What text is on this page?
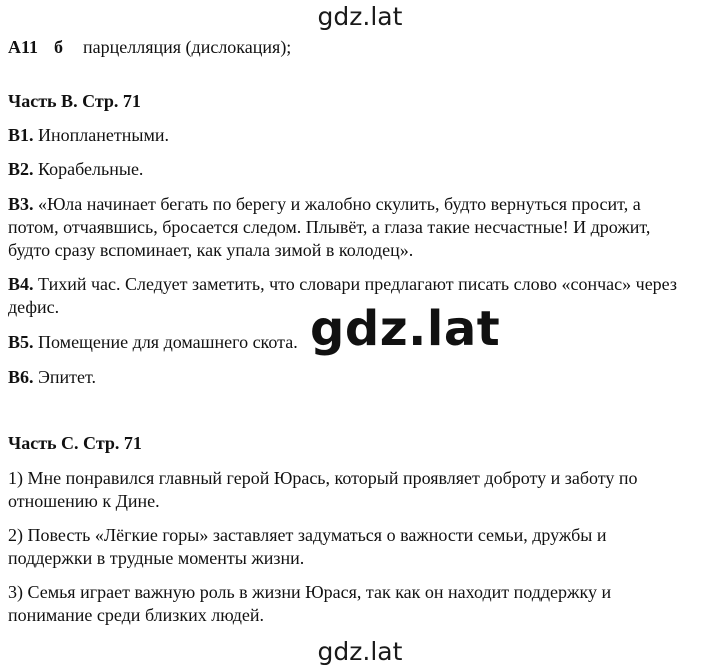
gdz.lat
А11 б парцелляция (дислокация);
Часть В. Стр. 71
В1. Инопланетными.
В2. Корабельные.
В3. «Юла начинает бегать по берегу и жалобно скулить, будто вернуться просит, а
потом, отчаявшись, бросается следом. Плывёт, а глаза такие несчастные! И дрожит,
будто сразу вспоминает, как упала зимой в колодец».
В4. Тихий час. Следует заметить, что словари предлагают писать слово «сончас» через
дефис.
В5. Помещение для домашнего скота.
В6. Эпитет.
Часть С. Стр. 71
1) Мне понравился главный герой Юрась, который проявляет доброту и заботу по
отношению к Дине.
2) Повесть «Лёгкие горы» заставляет задуматься о важности семьи, дружбы и
поддержки в трудные моменты жизни.
3) Семья играет важную роль в жизни Юрася, так как он находит поддержку и
понимание среди близких людей.
gdz.lat
gdz.lat
